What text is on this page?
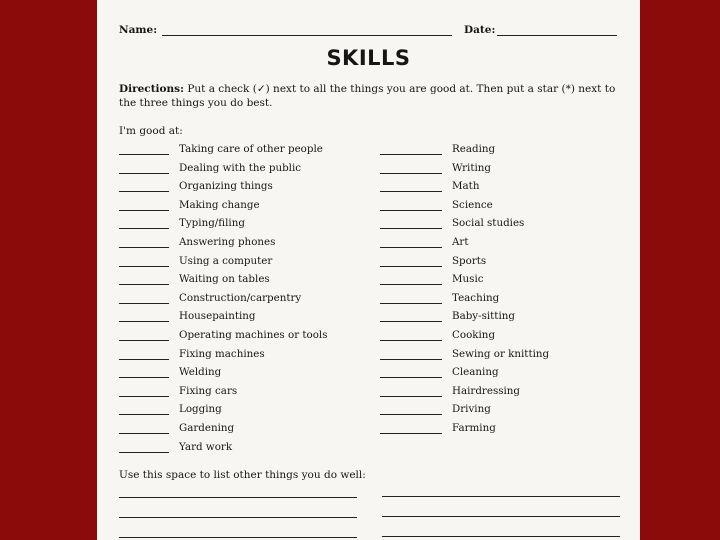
Name:	Date:
SKILLS
Directions: Put a check (✓) next to all the things you are good at. Then put a star (*) next to the three things you do best.
I'm good at:
Taking care of other people
Dealing with the public
Organizing things
Making change
Typing/filing
Answering phones
Using a computer
Waiting on tables
Construction/carpentry
Housepainting
Operating machines or tools
Fixing machines
Welding
Fixing cars
Logging
Gardening
Yard work
Reading
Writing
Math
Science
Social studies
Art
Sports
Music
Teaching
Baby-sitting
Cooking
Sewing or knitting
Cleaning
Hairdressing
Driving
Farming
Use this space to list other things you do well:
